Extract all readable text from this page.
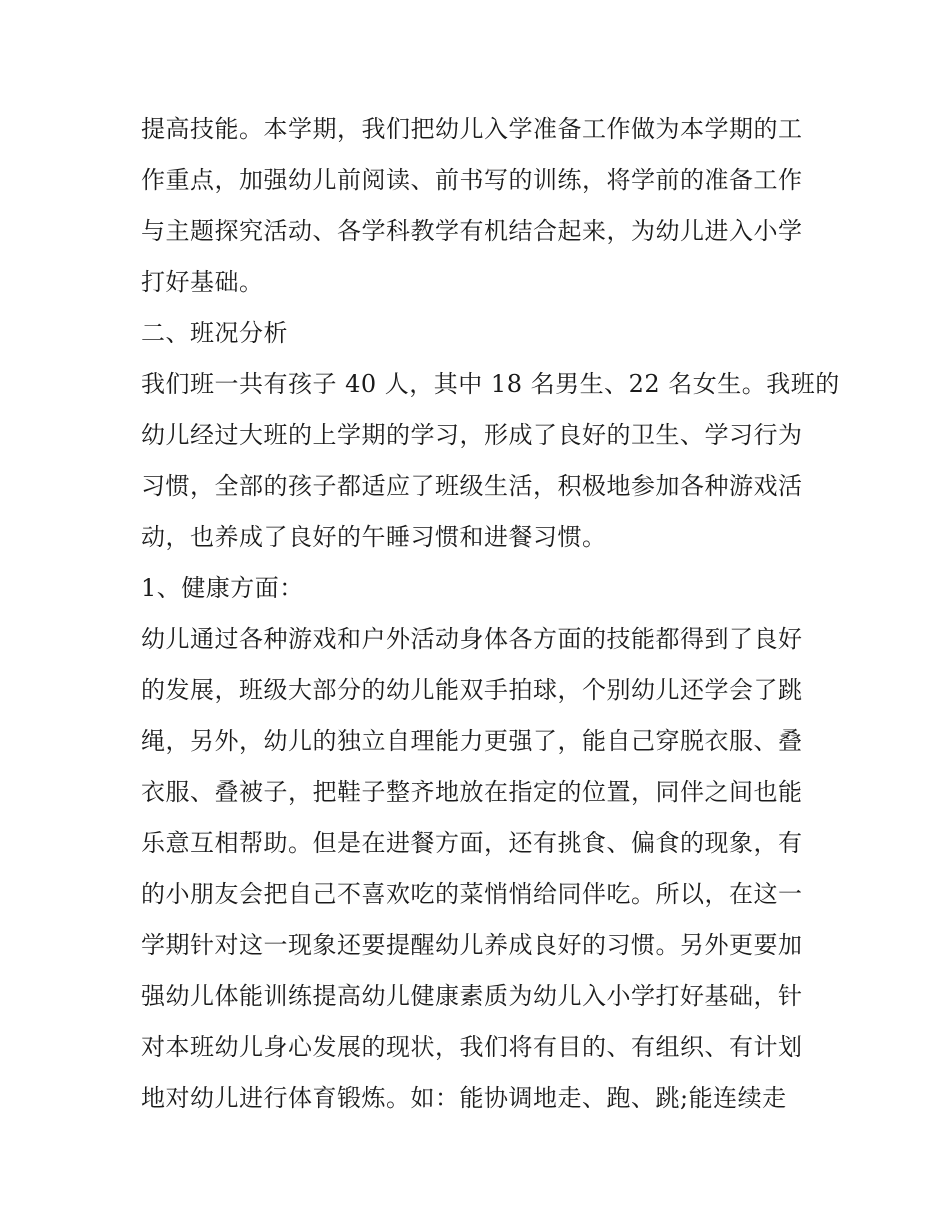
提高技能。本学期，我们把幼儿入学准备工作做为本学期的工
作重点，加强幼儿前阅读、前书写的训练，将学前的准备工作
与主题探究活动、各学科教学有机结合起来，为幼儿进入小学
打好基础。
二、班况分析
我们班一共有孩子 40 人，其中 18 名男生、22 名女生。我班的
幼儿经过大班的上学期的学习，形成了良好的卫生、学习行为
习惯，全部的孩子都适应了班级生活，积极地参加各种游戏活
动，也养成了良好的午睡习惯和进餐习惯。
1、健康方面：
幼儿通过各种游戏和户外活动身体各方面的技能都得到了良好
的发展，班级大部分的幼儿能双手拍球，个别幼儿还学会了跳
绳，另外，幼儿的独立自理能力更强了，能自己穿脱衣服、叠
衣服、叠被子，把鞋子整齐地放在指定的位置，同伴之间也能
乐意互相帮助。但是在进餐方面，还有挑食、偏食的现象，有
的小朋友会把自己不喜欢吃的菜悄悄给同伴吃。所以，在这一
学期针对这一现象还要提醒幼儿养成良好的习惯。另外更要加
强幼儿体能训练提高幼儿健康素质为幼儿入小学打好基础，针
对本班幼儿身心发展的现状，我们将有目的、有组织、有计划
地对幼儿进行体育锻炼。如：能协调地走、跑、跳;能连续走
